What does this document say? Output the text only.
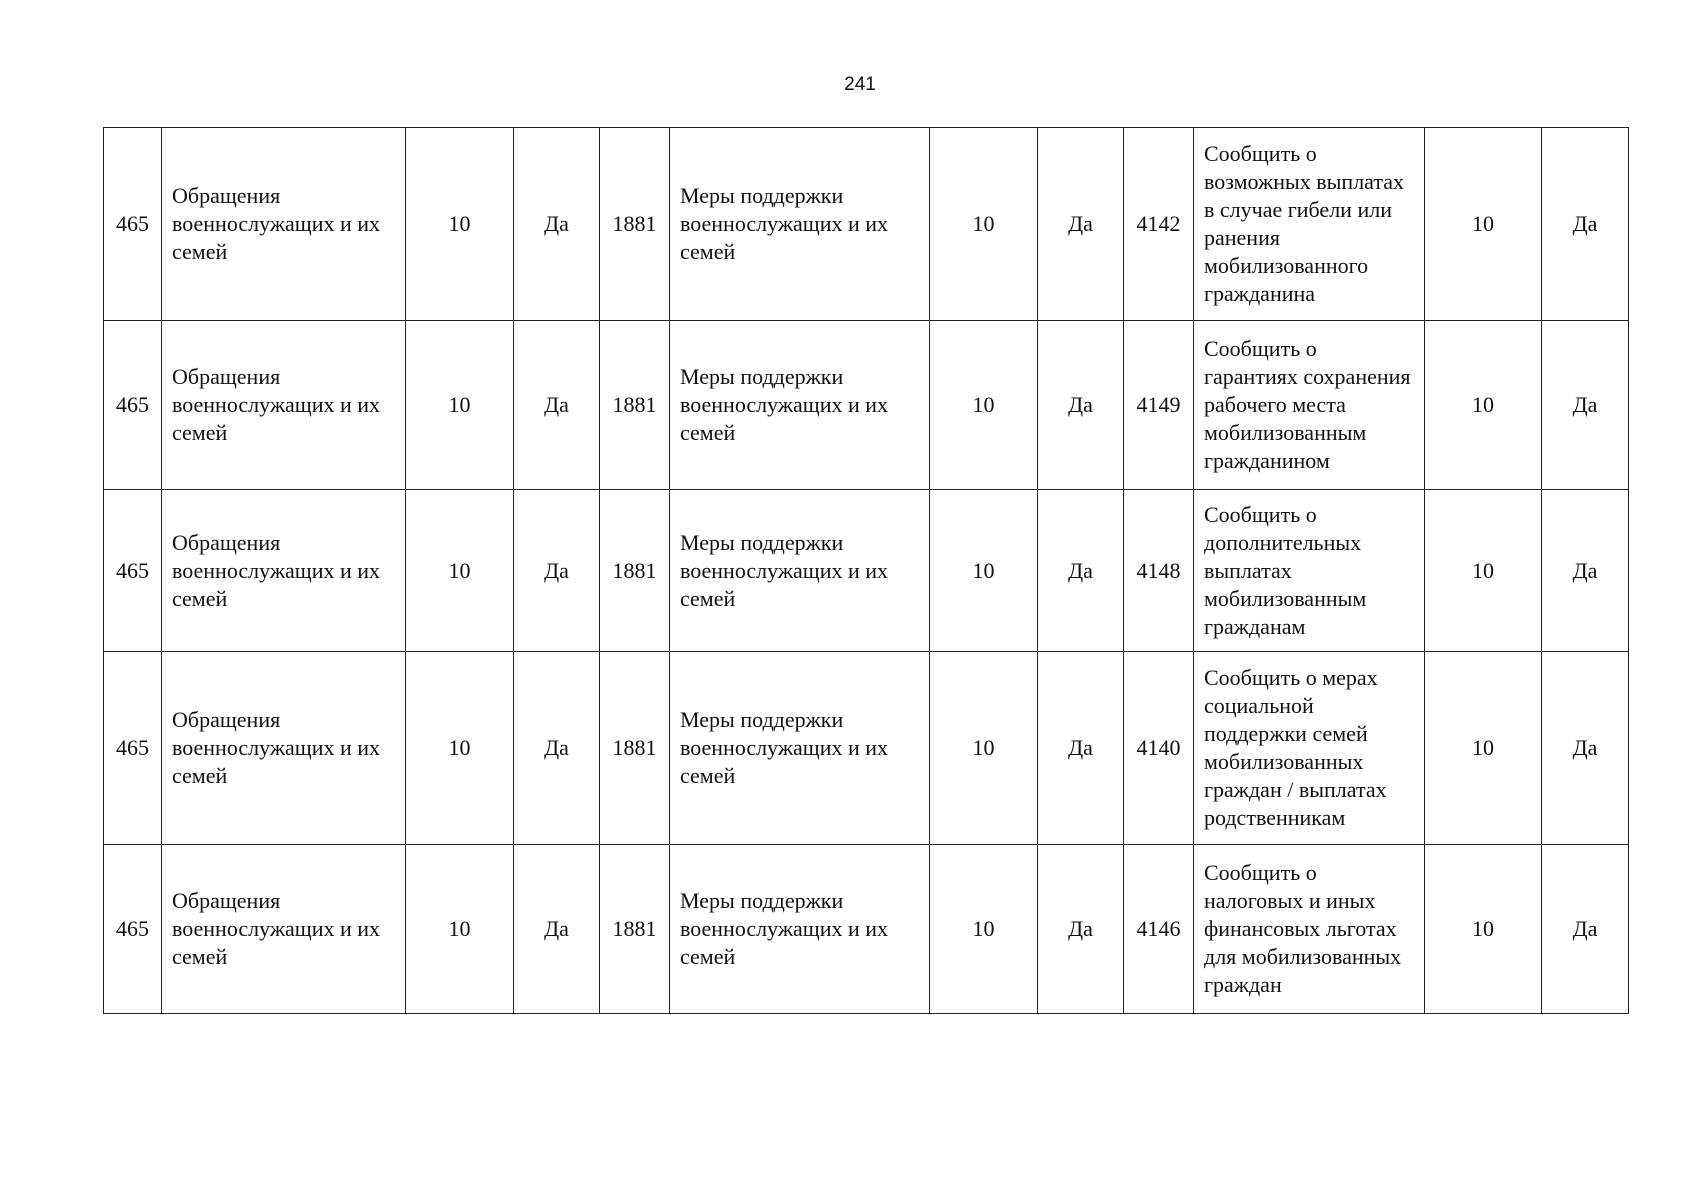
241
465	Обращения военнослужащих и их семей	10	Да	1881	Меры поддержки военнослужащих и их семей	10	Да	4142	Сообщить о возможных выплатах в случае гибели или ранения мобилизованного гражданина	10	Да
465	Обращения военнослужащих и их семей	10	Да	1881	Меры поддержки военнослужащих и их семей	10	Да	4149	Сообщить о гарантиях сохранения рабочего места мобилизованным гражданином	10	Да
465	Обращения военнослужащих и их семей	10	Да	1881	Меры поддержки военнослужащих и их семей	10	Да	4148	Сообщить о дополнительных выплатах мобилизованным гражданам	10	Да
465	Обращения военнослужащих и их семей	10	Да	1881	Меры поддержки военнослужащих и их семей	10	Да	4140	Сообщить о мерах социальной поддержки семей мобилизованных граждан / выплатах родственникам	10	Да
465	Обращения военнослужащих и их семей	10	Да	1881	Меры поддержки военнослужащих и их семей	10	Да	4146	Сообщить о налоговых и иных финансовых льготах для мобилизованных граждан	10	Да
